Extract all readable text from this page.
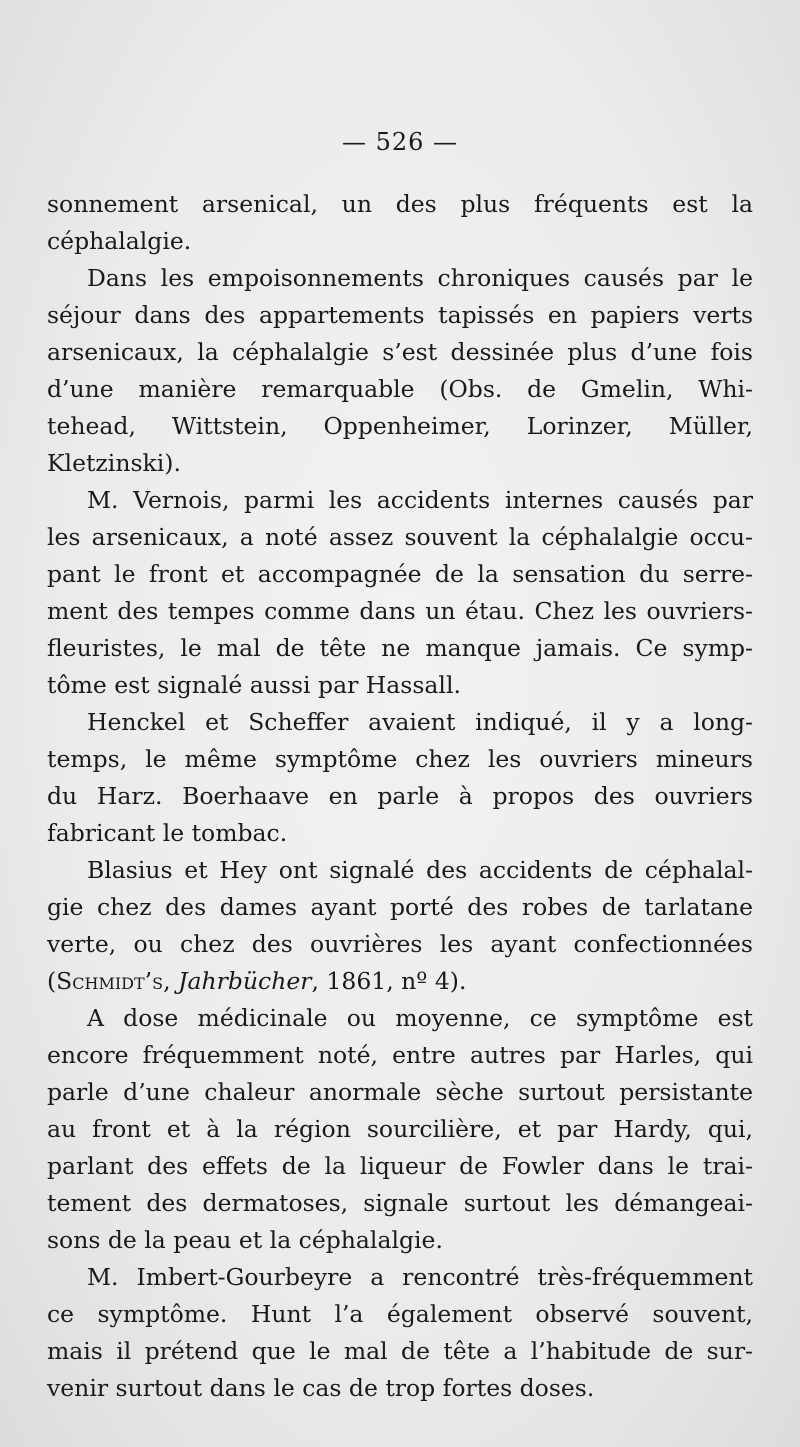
— 526 —
sonnement arsenical, un des plus fréquents est la
céphalalgie.
Dans les empoisonnements chroniques causés par le
séjour dans des appartements tapissés en papiers verts
arsenicaux, la céphalalgie s’est dessinée plus d’une fois
d’une manière remarquable (Obs. de Gmelin, Whi-
tehead, Wittstein, Oppenheimer, Lorinzer, Müller,
Kletzinski).
M. Vernois, parmi les accidents internes causés par
les arsenicaux, a noté assez souvent la céphalalgie occu-
pant le front et accompagnée de la sensation du serre-
ment des tempes comme dans un étau. Chez les ouvriers-
fleuristes, le mal de tête ne manque jamais. Ce symp-
tôme est signalé aussi par Hassall.
Henckel et Scheffer avaient indiqué, il y a long-
temps, le même symptôme chez les ouvriers mineurs
du Harz. Boerhaave en parle à propos des ouvriers
fabricant le tombac.
Blasius et Hey ont signalé des accidents de céphalal-
gie chez des dames ayant porté des robes de tarlatane
verte, ou chez des ouvrières les ayant confectionnées
(Schmidt’s, Jahrbücher, 1861, nº 4).
A dose médicinale ou moyenne, ce symptôme est
encore fréquemment noté, entre autres par Harles, qui
parle d’une chaleur anormale sèche surtout persistante
au front et à la région sourcilière, et par Hardy, qui,
parlant des effets de la liqueur de Fowler dans le trai-
tement des dermatoses, signale surtout les démangeai-
sons de la peau et la céphalalgie.
M. Imbert-Gourbeyre a rencontré très-fréquemment
ce symptôme. Hunt l’a également observé souvent,
mais il prétend que le mal de tête a l’habitude de sur-
venir surtout dans le cas de trop fortes doses.
